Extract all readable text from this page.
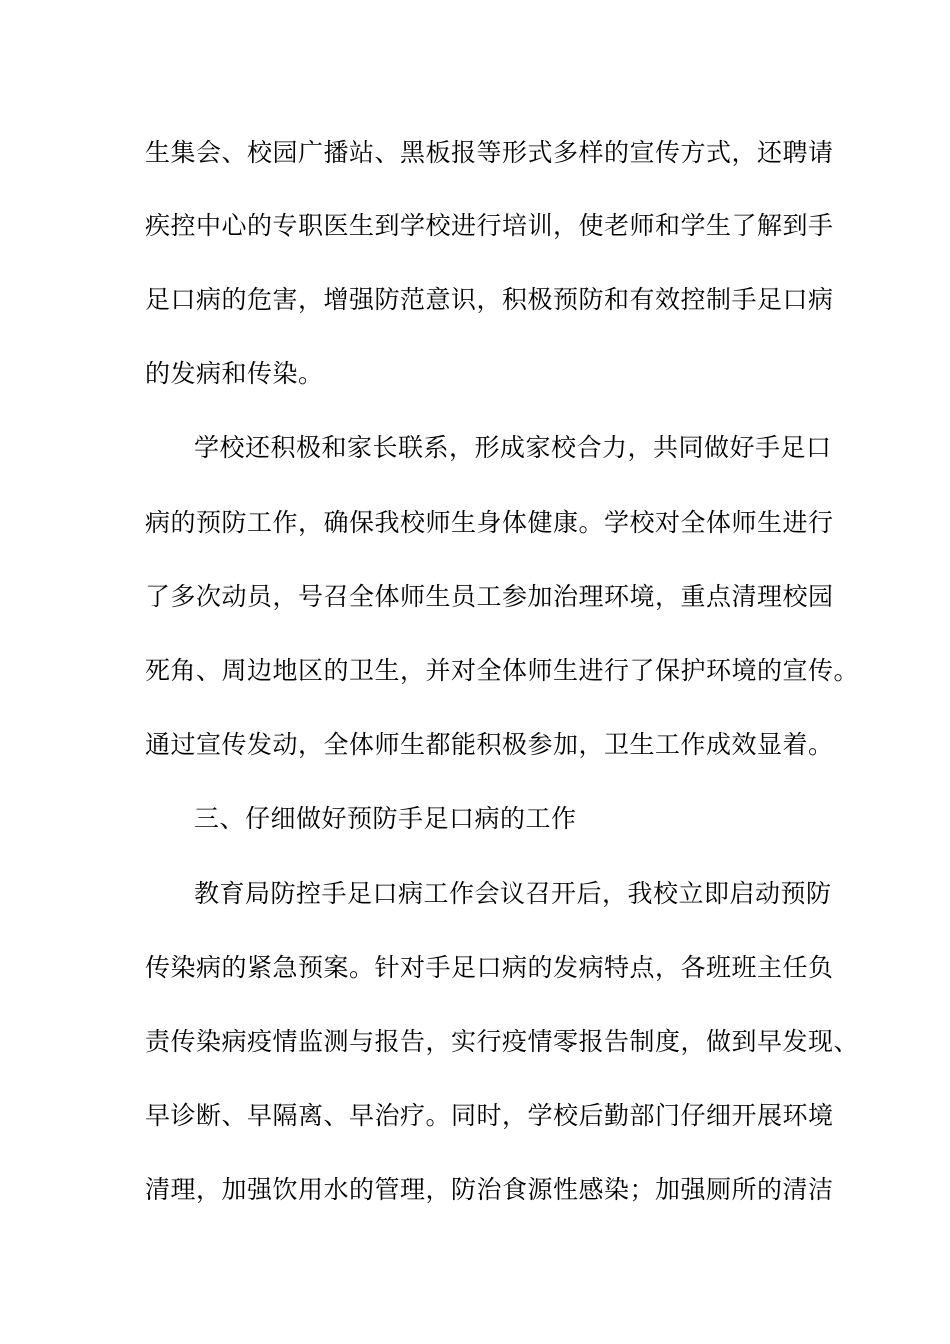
生集会、校园广播站、黑板报等形式多样的宣传方式，还聘请
疾控中心的专职医生到学校进行培训，使老师和学生了解到手
足口病的危害，增强防范意识，积极预防和有效控制手足口病
的发病和传染。
学校还积极和家长联系，形成家校合力，共同做好手足口
病的预防工作，确保我校师生身体健康。学校对全体师生进行
了多次动员，号召全体师生员工参加治理环境，重点清理校园
死角、周边地区的卫生，并对全体师生进行了保护环境的宣传。
通过宣传发动，全体师生都能积极参加，卫生工作成效显着。
三、仔细做好预防手足口病的工作
教育局防控手足口病工作会议召开后，我校立即启动预防
传染病的紧急预案。针对手足口病的发病特点，各班班主任负
责传染病疫情监测与报告，实行疫情零报告制度，做到早发现、
早诊断、早隔离、早治疗。同时，学校后勤部门仔细开展环境
清理，加强饮用水的管理，防治食源性感染；加强厕所的清洁
